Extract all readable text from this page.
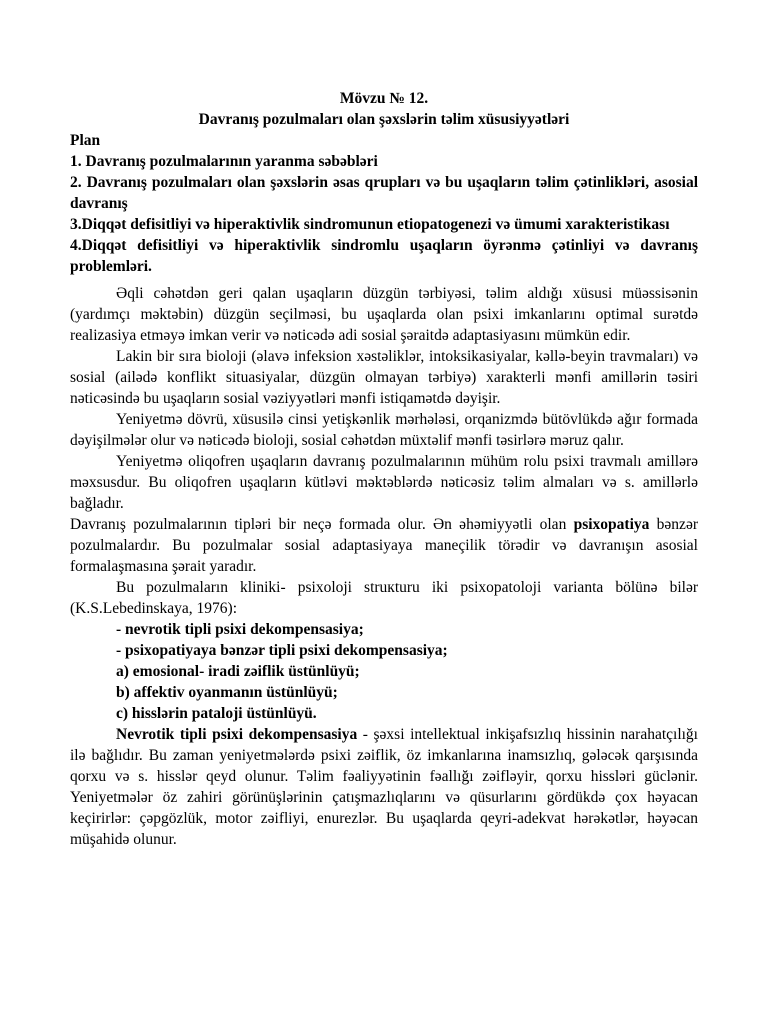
Mövzu № 12.

Davranış pozulmaları olan şəxslərin təlim xüsusiyyətləri

Plan

1. Davranış pozulmalarının yaranma səbəbləri

2. Davranış pozulmaları olan şəxslərin əsas qrupları və bu uşaqların təlim çətinlikləri, asosial davranış

3.Diqqət defisitliyi və hiperaktivlik sindromunun etiopatogenezi və ümumi xarakteristikası

4.Diqqət defisitliyi və hiperaktivlik sindromlu uşaqların öyrənmə çətinliyi və davranış problemləri.

Əqli cəhətdən geri qalan uşaqların düzgün tərbiyəsi, təlim aldığı xüsusi müəssisənin (yardımçı məktəbin) düzgün seçilməsi, bu uşaqlarda olan psixi imkanlarını optimal surətdə realizasiya etməyə imkan verir və nəticədə adi sosial şəraitdə adaptasiyasını mümkün edir.

Lakin bir sıra bioloji (əlavə infeksion xəstəliklər, intoksikasiyalar, kəllə-beyin travmaları) və sosial (ailədə konflikt situasiyalar, düzgün olmayan tərbiyə) xarakterli mənfi amillərin təsiri nəticəsində bu uşaqların sosial vəziyyətləri mənfi istiqamətdə dəyişir.

Yeniyetmə dövrü, xüsusilə cinsi yetişkənlik mərhələsi, orqanizmdə bütövlükdə ağır formada dəyişilmələr olur və nəticədə bioloji, sosial cəhətdən müxtəlif mənfi təsirlərə məruz qalır.

Yeniyetmə oliqofren uşaqların davranış pozulmalarının mühüm rolu psixi travmalı amillərə məxsusdur. Bu oliqofren uşaqların kütləvi məktəblərdə nəticəsiz təlim almaları və s. amillərlə bağladır.

Davranış pozulmalarının tipləri bir neçə formada olur. Ən əhəmiyyətli olan psixopatiya bənzər pozulmalardır. Bu pozulmalar sosial adaptasiyaya maneçilik törədir və davranışın asosial formalaşmasına şərait yaradır.

Bu pozulmaların kliniki- psixoloji struкturu iki psixopatoloji varianta bölünə bilər (K.S.Lebedinskaya, 1976):

- nevrotik tipli psixi dekompensasiya;

- psixopatiyaya bənzər tipli psixi dekompensasiya;

a) emosional- iradi zəiflik üstünlüyü;

b) affektiv oyanmanın üstünlüyü;

c) hisslərin pataloji üstünlüyü.

Nevrotik tipli psixi dekompensasiya - şəxsi intellektual inkişafsızlıq hissinin narahatçılığı ilə bağlıdır. Bu zaman yeniyetmələrdə psixi zəiflik, öz imkanlarına inamsızlıq, gələcək qarşısında qorxu və s. hisslər qeyd olunur. Təlim fəaliyyətinin fəallığı zəifləyir, qorxu hissləri güclənir. Yeniyetmələr öz zahiri görünüşlərinin çatışmazlıqlarını və qüsurlarını gördükdə çox həyacan keçirirlər: çəpgözlük, motor zəifliyi, enurezlər. Bu uşaqlarda qeyri-adekvat hərəkətlər, həyəcan müşahidə olunur.
